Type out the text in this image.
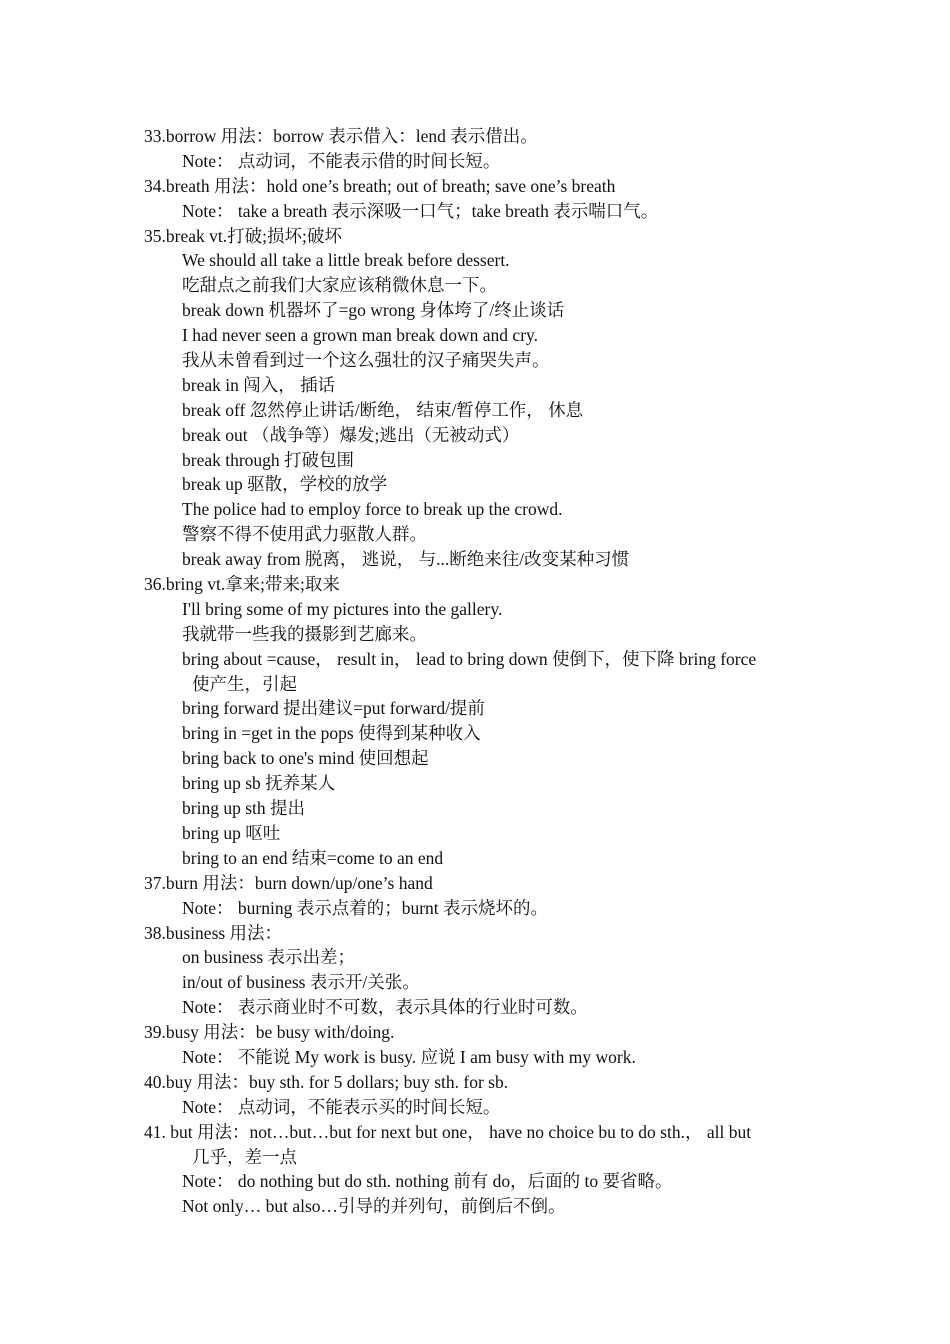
33.borrow 用法：borrow 表示借入：lend 表示借出。
Note： 点动词，不能表示借的时间长短。
34.breath 用法：hold one’s breath; out of breath; save one’s breath
Note： take a breath 表示深吸一口气；take breath 表示喘口气。
35.break vt.打破;损坏;破坏
We should all take a little break before dessert.
吃甜点之前我们大家应该稍微休息一下。
break down 机器坏了=go wrong 身体垮了/终止谈话
I had never seen a grown man break down and cry.
我从未曾看到过一个这么强壮的汉子痛哭失声。
break in 闯入， 插话
break off 忽然停止讲话/断绝， 结束/暂停工作， 休息
break out （战争等）爆发;逃出（无被动式）
break through 打破包围
break up 驱散，学校的放学
The police had to employ force to break up the crowd.
警察不得不使用武力驱散人群。
break away from 脱离， 逃说， 与...断绝来往/改变某种习惯
36.bring vt.拿来;带来;取来
I'll bring some of my pictures into the gallery.
我就带一些我的摄影到艺廊来。
bring about =cause， result in， lead to bring down 使倒下，使下降 bring force
使产生，引起
bring forward 提出建议=put forward/提前
bring in =get in the pops 使得到某种收入
bring back to one's mind 使回想起
bring up sb 抚养某人
bring up sth 提出
bring up 呕吐
bring to an end 结束=come to an end
37.burn 用法：burn down/up/one’s hand
Note： burning 表示点着的；burnt 表示烧坏的。
38.business 用法：
on business 表示出差；
in/out of business 表示开/关张。
Note： 表示商业时不可数，表示具体的行业时可数。
39.busy 用法：be busy with/doing.
Note： 不能说 My work is busy. 应说 I am busy with my work.
40.buy 用法：buy sth. for 5 dollars; buy sth. for sb.
Note： 点动词，不能表示买的时间长短。
41. but 用法：not…but…but for next but one， have no choice bu to do sth.， all but
几乎，差一点
Note： do nothing but do sth. nothing 前有 do，后面的 to 要省略。
Not only… but also…引导的并列句，前倒后不倒。
